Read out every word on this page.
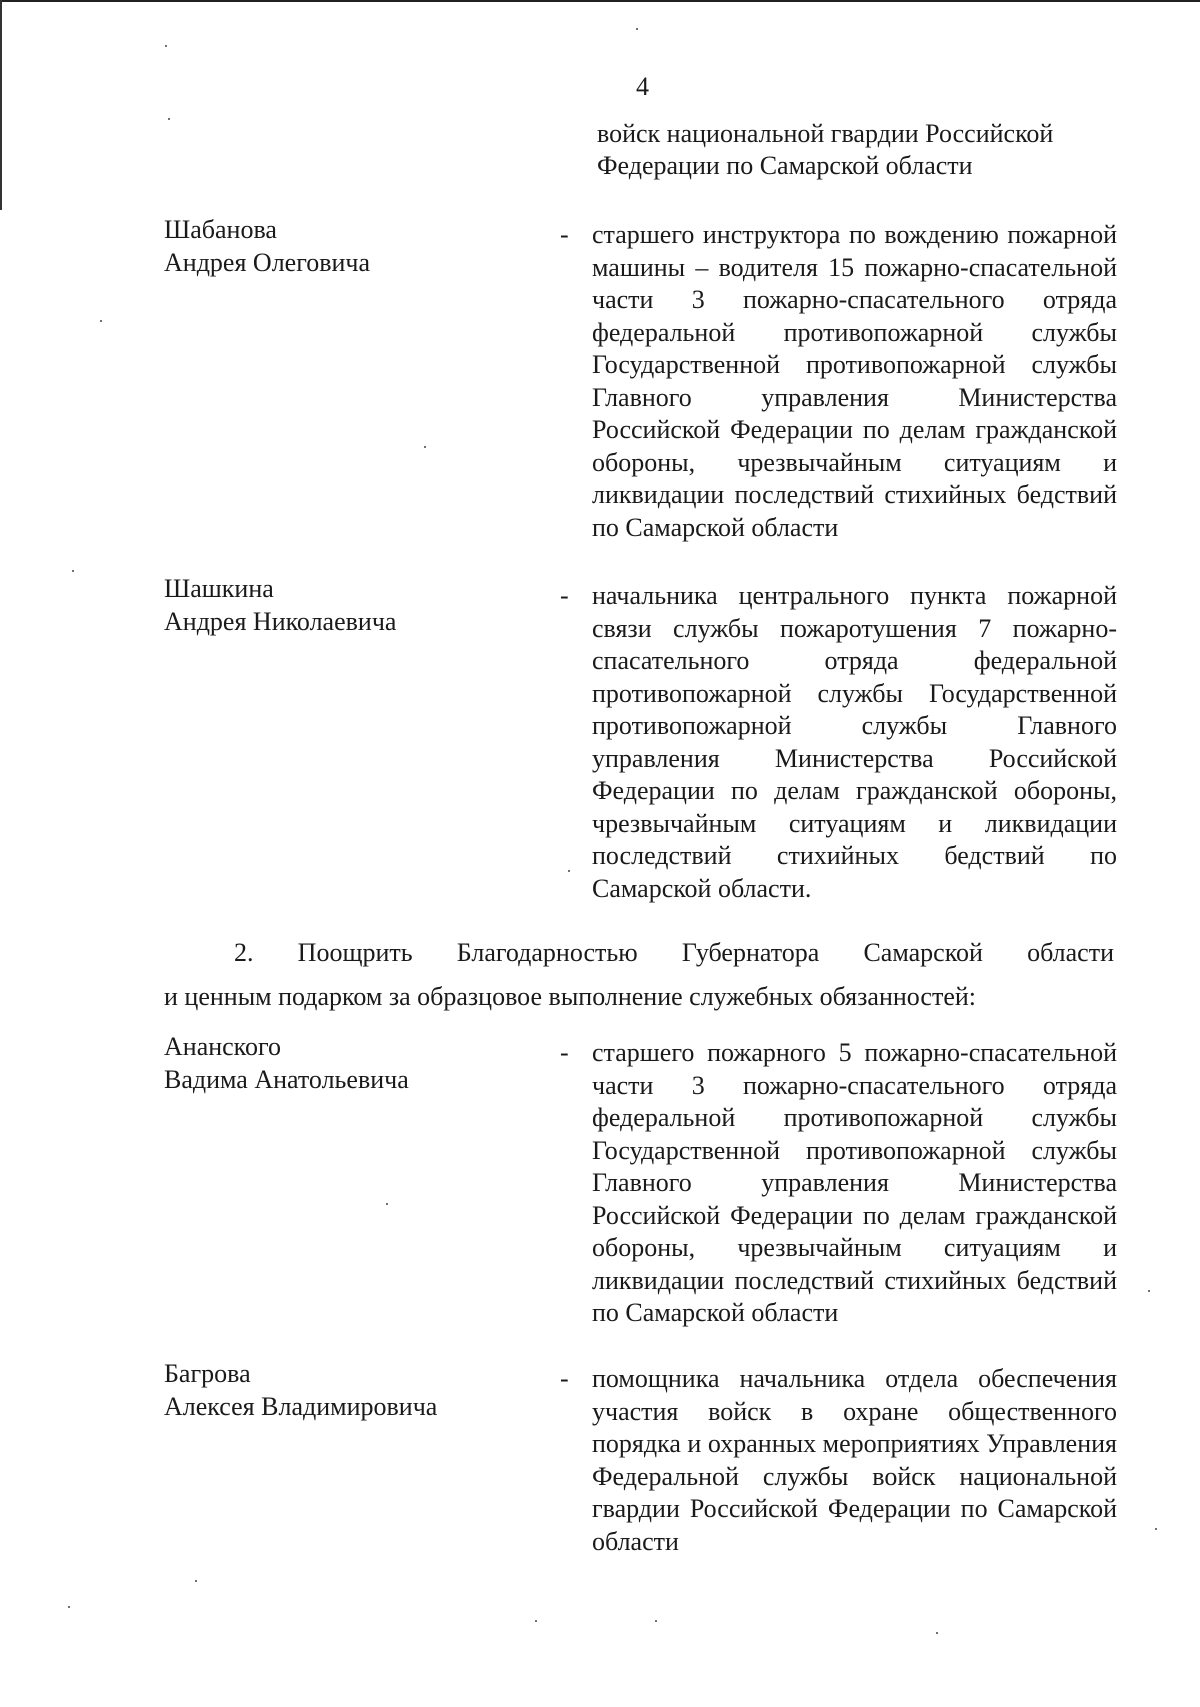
4
войск национальной гвардии Российской
Федерации по Самарской области
Шабанова
Андрея Олеговича
- старшего инструктора по вождению пожарной машины – водителя 15 пожарно-спасательной части 3 пожарно-спасательного отряда федеральной противопожарной службы Государственной противопожарной службы Главного управления Министерства Российской Федерации по делам гражданской обороны, чрезвычайным ситуациям и ликвидации последствий стихийных бедствий по Самарской области
Шашкина
Андрея Николаевича
- начальника центрального пункта пожарной связи службы пожаротушения 7 пожарно-спасательного отряда федеральной противопожарной службы Государственной противопожарной службы Главного управления Министерства Российской Федерации по делам гражданской обороны, чрезвычайным ситуациям и ликвидации последствий стихийных бедствий по Самарской области.
2. Поощрить Благодарностью Губернатора Самарской области
и ценным подарком за образцовое выполнение служебных обязанностей:
Ананского
Вадима Анатольевича
- старшего пожарного 5 пожарно-спасательной части 3 пожарно-спасательного отряда федеральной противопожарной службы Государственной противопожарной службы Главного управления Министерства Российской Федерации по делам гражданской обороны, чрезвычайным ситуациям и ликвидации последствий стихийных бедствий по Самарской области
Багрова
Алексея Владимировича
- помощника начальника отдела обеспечения участия войск в охране общественного порядка и охранных мероприятиях Управления Федеральной службы войск национальной гвардии Российской Федерации по Самарской области
